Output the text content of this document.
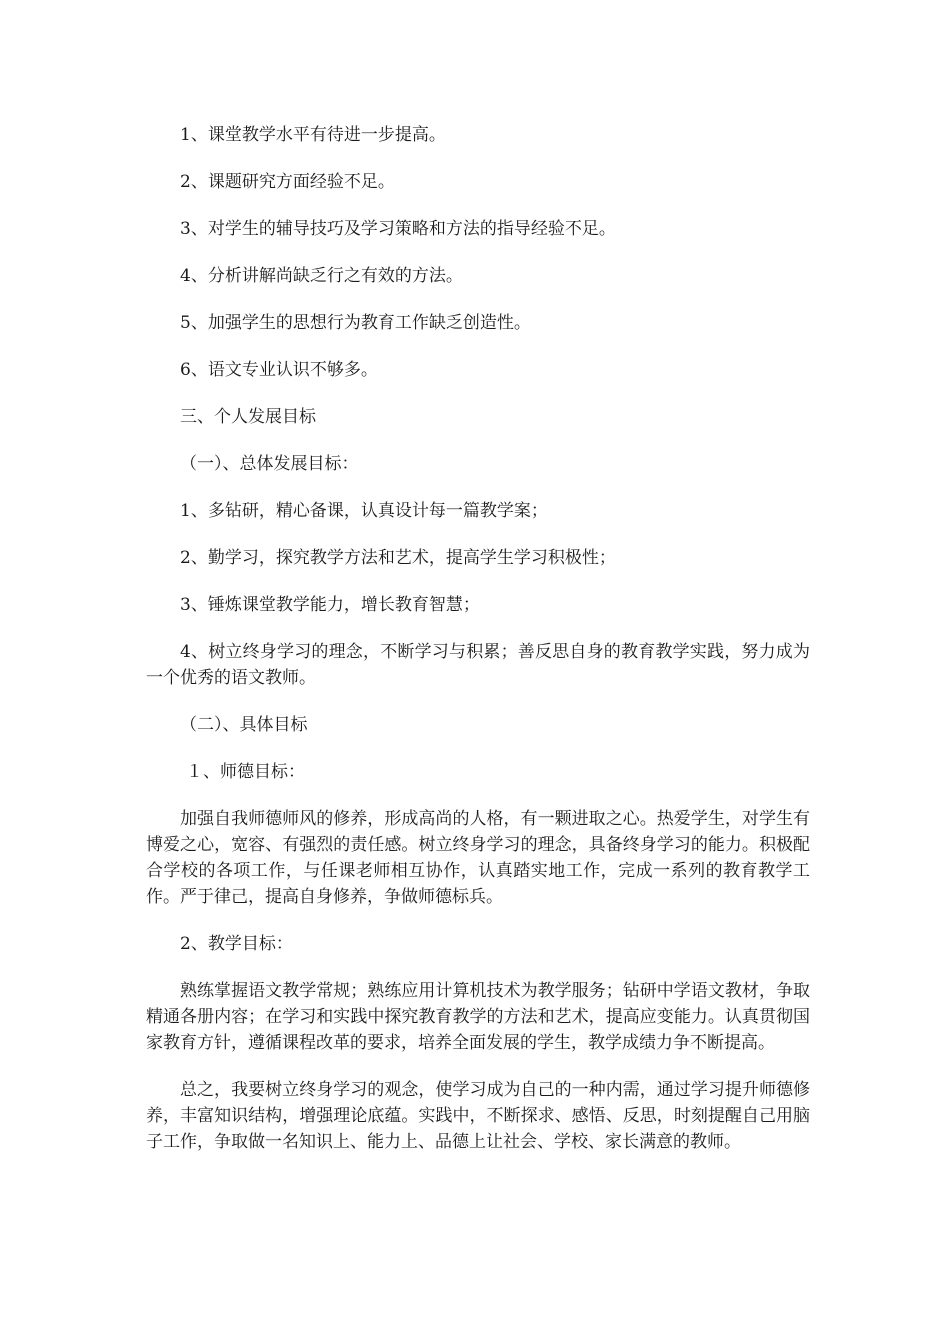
1、课堂教学水平有待进一步提高。

2、课题研究方面经验不足。

3、对学生的辅导技巧及学习策略和方法的指导经验不足。

4、分析讲解尚缺乏行之有效的方法。

5、加强学生的思想行为教育工作缺乏创造性。

6、语文专业认识不够多。

三、个人发展目标

（一）、总体发展目标：

1、多钻研，精心备课，认真设计每一篇教学案；

2、勤学习，探究教学方法和艺术，提高学生学习积极性；

3、锤炼课堂教学能力，增长教育智慧；

4、树立终身学习的理念，不断学习与积累；善反思自身的教育教学实践，努力成为一个优秀的语文教师。

（二）、具体目标

１、师德目标：

加强自我师德师风的修养，形成高尚的人格，有一颗进取之心。热爱学生，对学生有博爱之心，宽容、有强烈的责任感。树立终身学习的理念，具备终身学习的能力。积极配合学校的各项工作，与任课老师相互协作，认真踏实地工作，完成一系列的教育教学工作。严于律己，提高自身修养，争做师德标兵。

2、教学目标：

熟练掌握语文教学常规；熟练应用计算机技术为教学服务；钻研中学语文教材，争取精通各册内容；在学习和实践中探究教育教学的方法和艺术，提高应变能力。认真贯彻国家教育方针，遵循课程改革的要求，培养全面发展的学生，教学成绩力争不断提高。

总之，我要树立终身学习的观念，使学习成为自己的一种内需，通过学习提升师德修养，丰富知识结构，增强理论底蕴。实践中，不断探求、感悟、反思，时刻提醒自己用脑子工作，争取做一名知识上、能力上、品德上让社会、学校、家长满意的教师。
